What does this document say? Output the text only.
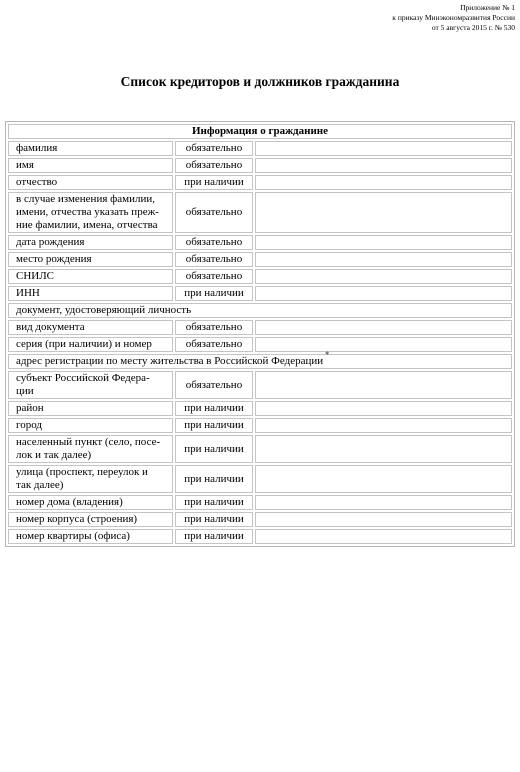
Приложение № 1
к приказу Минэкономразвития России
от 5 августа 2015 г. № 530
Список кредиторов и должников гражданина
Информация о гражданине		
фамилия	обязательно	
имя	обязательно	
отчество	при наличии	
в случае изменения фамилии, имени, отчества указать преж-ние фамилии, имена, отчества	обязательно	
дата рождения	обязательно	
место рождения	обязательно	
СНИЛС	обязательно	
ИНН	при наличии	
документ, удостоверяющий личность		
вид документа	обязательно	
серия (при наличии) и номер	обязательно	
адрес регистрации по месту жительства в Российской Федерации*
субъект Российской Федера-ции	обязательно	
район	при наличии	
город	при наличии	
населенный пункт (село, посе-лок и так далее)	при наличии	
улица (проспект, переулок и так далее)	при наличии	
номер дома (владения)	при наличии	
номер корпуса (строения)	при наличии	
номер квартиры (офиса)	при наличии	
